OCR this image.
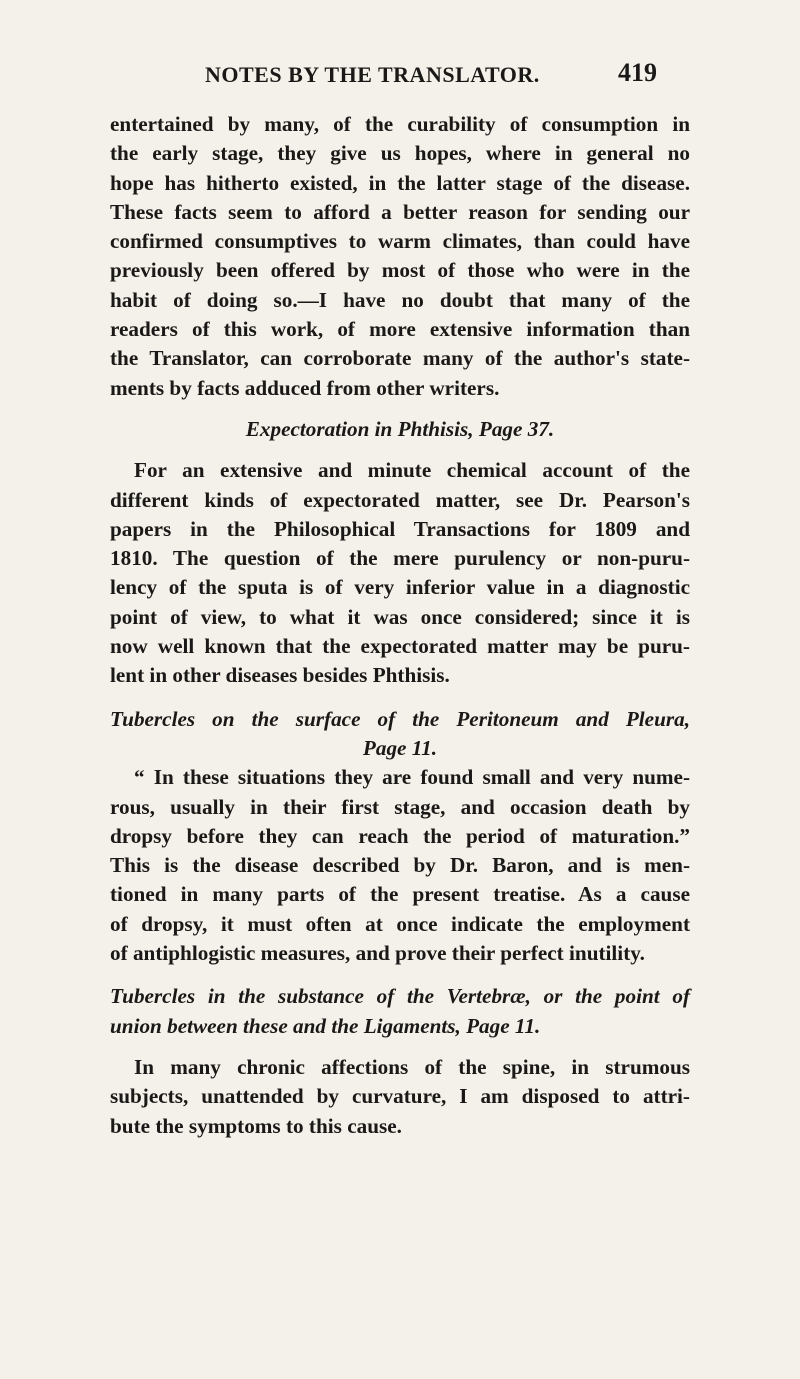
NOTES BY THE TRANSLATOR.	419
entertained by many, of the curability of consumption in
the early stage, they give us hopes, where in general no
hope has hitherto existed, in the latter stage of the disease.
These facts seem to afford a better reason for sending our
confirmed consumptives to warm climates, than could have
previously been offered by most of those who were in the
habit of doing so.—I have no doubt that many of the
readers of this work, of more extensive information than
the Translator, can corroborate many of the author's state-
ments by facts adduced from other writers.
Expectoration in Phthisis, Page 37.
For an extensive and minute chemical account of the
different kinds of expectorated matter, see Dr. Pearson's
papers in the Philosophical Transactions for 1809 and
1810. The question of the mere purulency or non-puru-
lency of the sputa is of very inferior value in a diagnostic
point of view, to what it was once considered; since it is
now well known that the expectorated matter may be puru-
lent in other diseases besides Phthisis.
Tubercles on the surface of the Peritoneum and Pleura,
Page 11.
“ In these situations they are found small and very nume-
rous, usually in their first stage, and occasion death by
dropsy before they can reach the period of maturation.”
This is the disease described by Dr. Baron, and is men-
tioned in many parts of the present treatise. As a cause
of dropsy, it must often at once indicate the employment
of antiphlogistic measures, and prove their perfect inutility.
Tubercles in the substance of the Vertebræ, or the point of
union between these and the Ligaments, Page 11.
In many chronic affections of the spine, in strumous
subjects, unattended by curvature, I am disposed to attri-
bute the symptoms to this cause.
